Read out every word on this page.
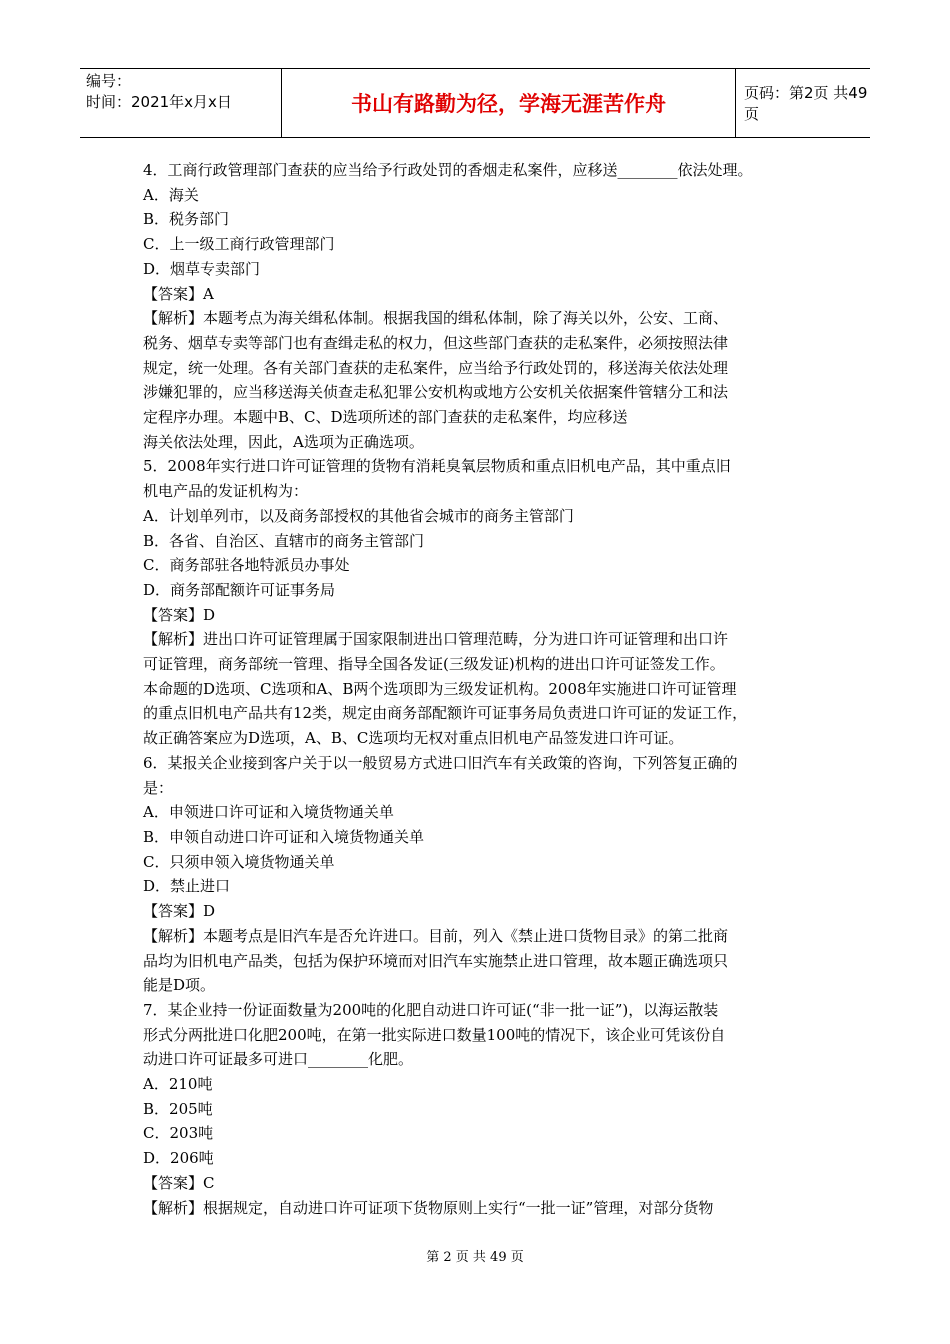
编号：
时间：2021年x月x日	书山有路勤为径，学海无涯苦作舟	页码：第2页 共49页
4．工商行政管理部门查获的应当给予行政处罚的香烟走私案件，应移送________依法处理。
A．海关
B．税务部门
C．上一级工商行政管理部门
D．烟草专卖部门
【答案】A
【解析】本题考点为海关缉私体制。根据我国的缉私体制，除了海关以外，公安、工商、
税务、烟草专卖等部门也有查缉走私的权力，但这些部门查获的走私案件，必须按照法律
规定，统一处理。各有关部门查获的走私案件，应当给予行政处罚的，移送海关依法处理
涉嫌犯罪的，应当移送海关侦查走私犯罪公安机构或地方公安机关依据案件管辖分工和法
定程序办理。本题中B、C、D选项所述的部门查获的走私案件，均应移送
海关依法处理，因此，A选项为正确选项。
5．2008年实行进口许可证管理的货物有消耗臭氧层物质和重点旧机电产品，其中重点旧
机电产品的发证机构为：
A．计划单列市，以及商务部授权的其他省会城市的商务主管部门
B．各省、自治区、直辖市的商务主管部门
C．商务部驻各地特派员办事处
D．商务部配额许可证事务局
【答案】D
【解析】进出口许可证管理属于国家限制进出口管理范畴，分为进口许可证管理和出口许
可证管理，商务部统一管理、指导全国各发证(三级发证)机构的进出口许可证签发工作。
本命题的D选项、C选项和A、B两个选项即为三级发证机构。2008年实施进口许可证管理
的重点旧机电产品共有12类，规定由商务部配额许可证事务局负责进口许可证的发证工作，
故正确答案应为D选项，A、B、C选项均无权对重点旧机电产品签发进口许可证。
6．某报关企业接到客户关于以一般贸易方式进口旧汽车有关政策的咨询，下列答复正确的
是：
A．申领进口许可证和入境货物通关单
B．申领自动进口许可证和入境货物通关单
C．只须申领入境货物通关单
D．禁止进口
【答案】D
【解析】本题考点是旧汽车是否允许进口。目前，列入《禁止进口货物目录》的第二批商
品均为旧机电产品类，包括为保护环境而对旧汽车实施禁止进口管理，故本题正确选项只
能是D项。
7．某企业持一份证面数量为200吨的化肥自动进口许可证(“非一批一证”)，以海运散装
形式分两批进口化肥200吨，在第一批实际进口数量100吨的情况下，该企业可凭该份自
动进口许可证最多可进口________化肥。
A．210吨
B．205吨
C．203吨
D．206吨
【答案】C
【解析】根据规定，自动进口许可证项下货物原则上实行“一批一证”管理，对部分货物
第 2 页 共 49 页
